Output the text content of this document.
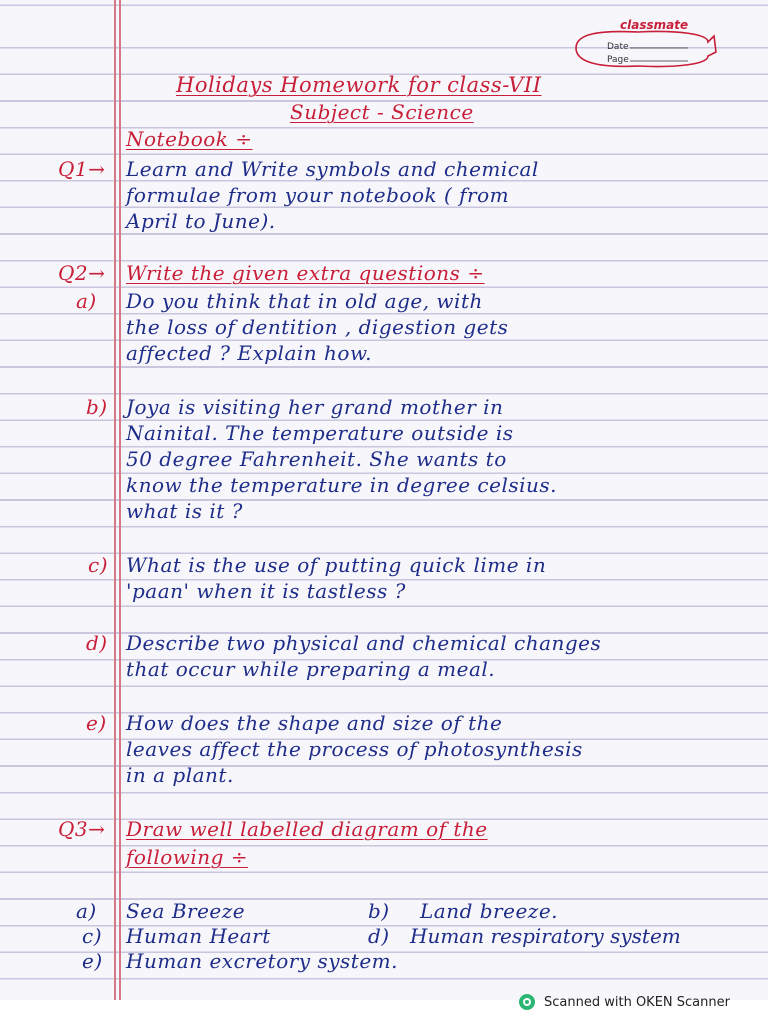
classmate
Date
Page
Holidays Homework for class-VII
Subject - Science
Notebook ÷
Q1→ Learn and Write symbols and chemical
formulae from your notebook ( from
April to June).
Q2→ Write the given extra questions ÷
a) Do you think that in old age, with
the loss of dentition , digestion gets
affected ? Explain how.
b) Joya is visiting her grand mother in
Nainital. The temperature outside is
50 degree Fahrenheit. She wants to
know the temperature in degree celsius.
what is it ?
c) What is the use of putting quick lime in
'paan' when it is tastless ?
d) Describe two physical and chemical changes
that occur while preparing a meal.
e) How does the shape and size of the
leaves affect the process of photosynthesis
in a plant.
Q3→ Draw well labelled diagram of the
following ÷
a) Sea Breeze	b) Land breeze.
c) Human Heart	d) Human respiratory system
e) Human excretory system.
Scanned with OKEN Scanner
